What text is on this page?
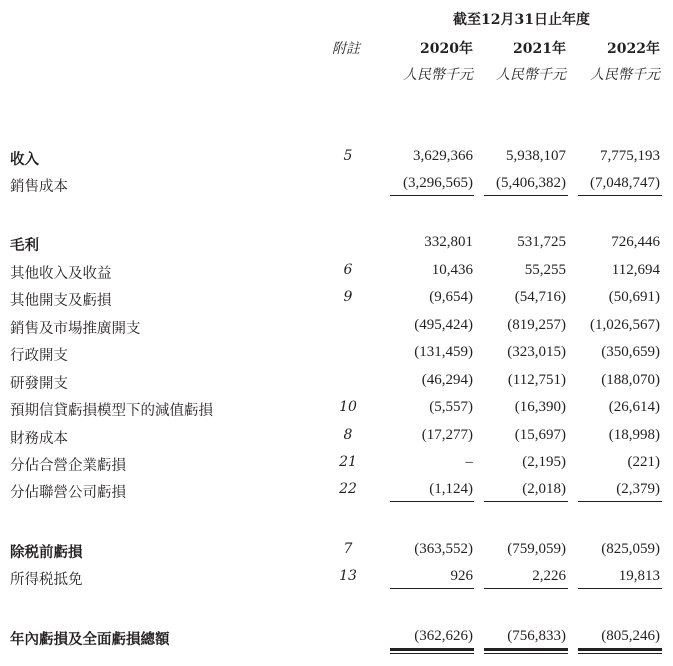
截至12月31日止年度
附註	2020年	2021年	2022年
人民幣千元 人民幣千元 人民幣千元
收入	5	3,629,366 5,938,107 7,775,193
銷售成本	(3,296,565) (5,406,382) (7,048,747)
毛利	332,801	531,725	726,446
其他收入及收益	6	10,436	55,255	112,694
其他開支及虧損	9	(9,654)	(54,716)	(50,691)
銷售及市場推廣開支	(495,424) (819,257) (1,026,567)
行政開支	(131,459) (323,015) (350,659)
研發開支	(46,294) (112,751) (188,070)
預期信貸虧損模型下的減值虧損	10	(5,557)	(16,390)	(26,614)
財務成本	8	(17,277)	(15,697)	(18,998)
分佔合營企業虧損	21	–	(2,195)	(221)
分佔聯營公司虧損	22	(1,124)	(2,018)	(2,379)
除税前虧損	7	(363,552) (759,059) (825,059)
所得税抵免	13	926	2,226	19,813
年內虧損及全面虧損總額	(362,626) (756,833) (805,246)
